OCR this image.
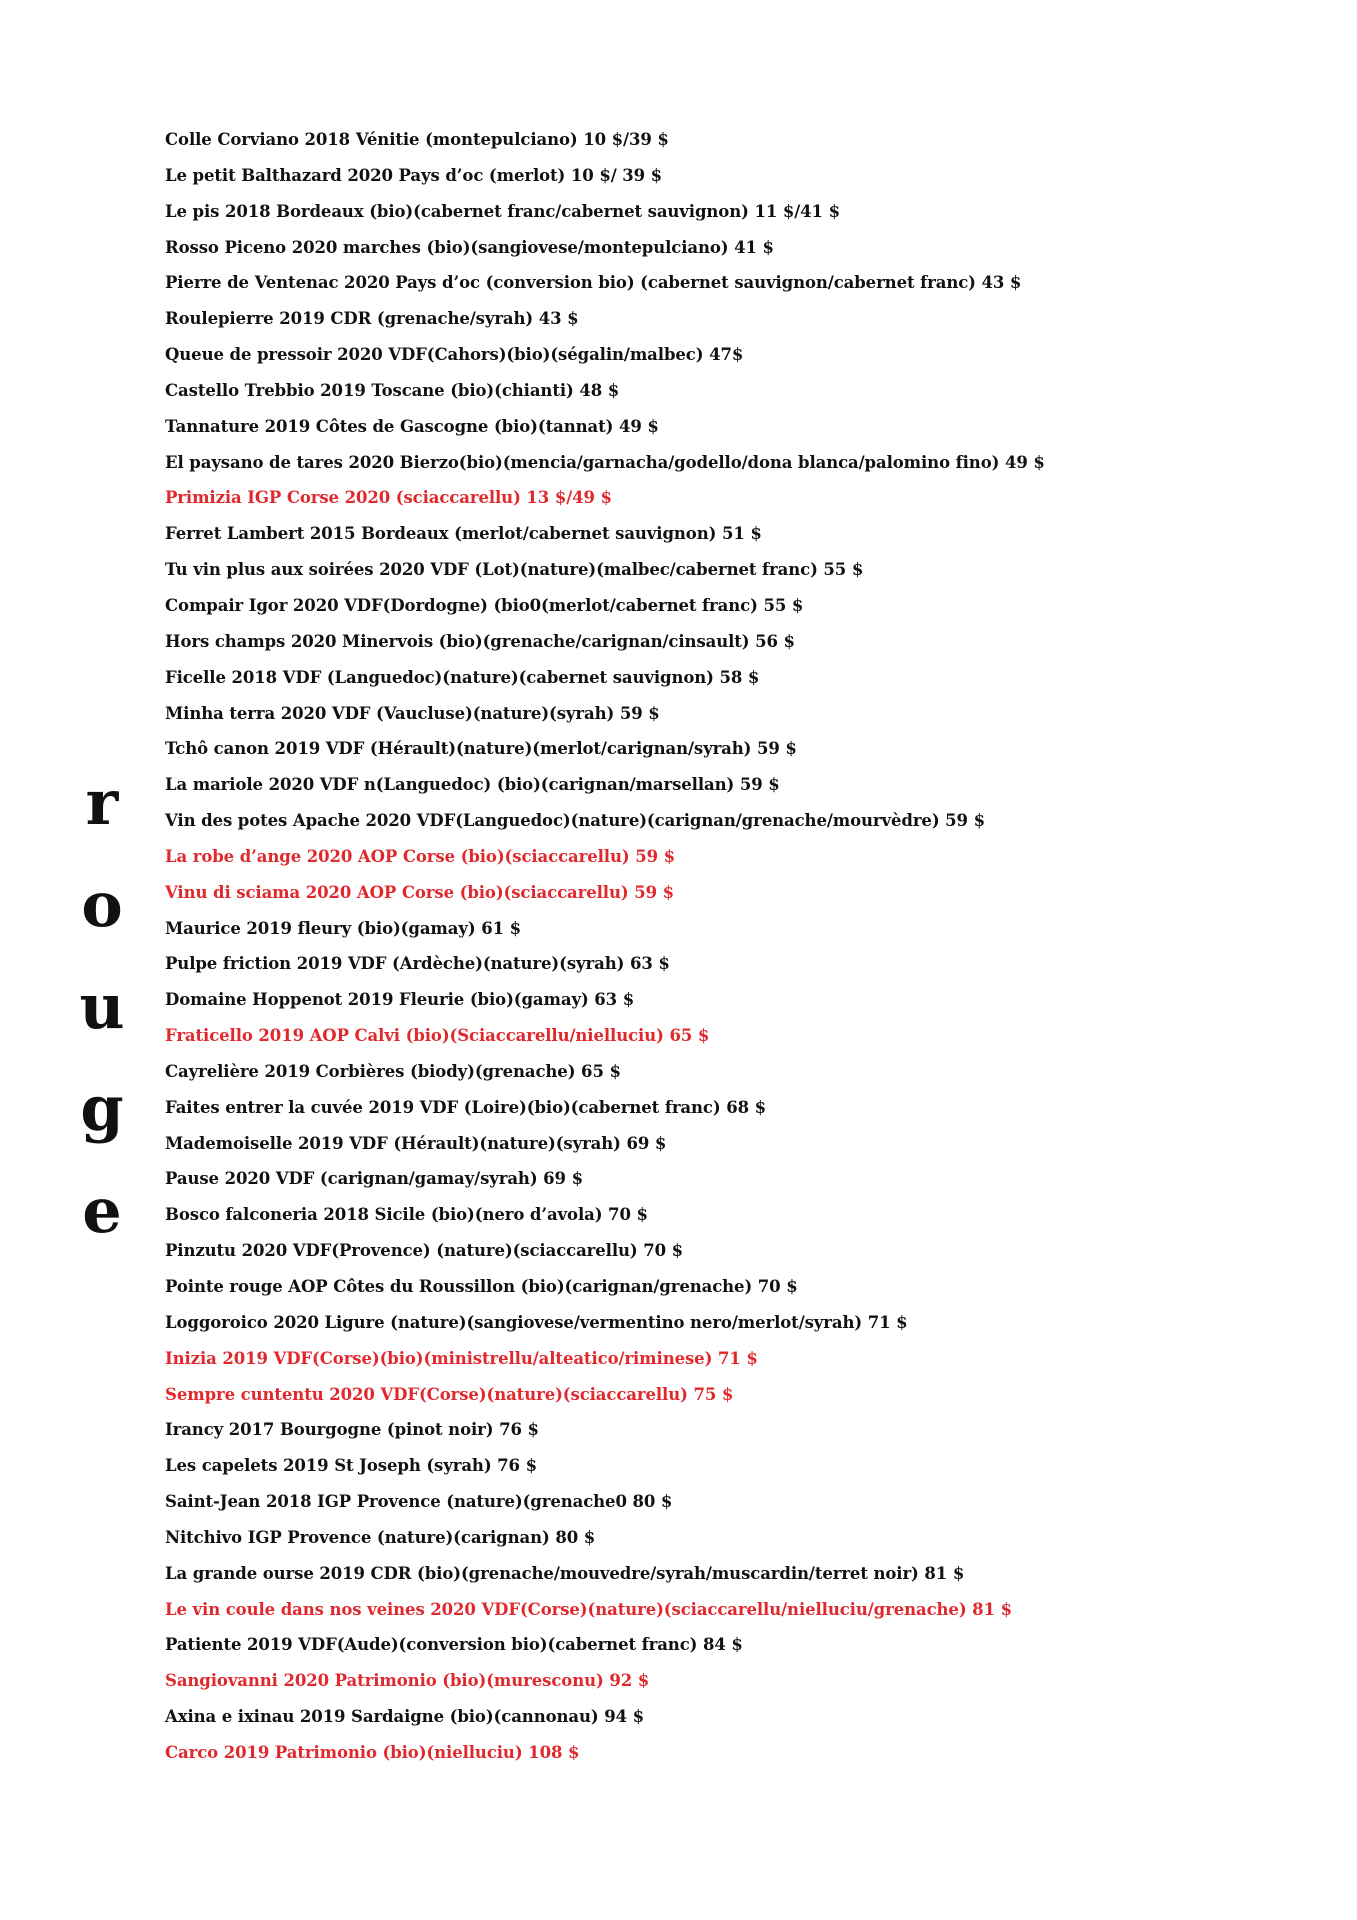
r
o
u
g
e
Colle Corviano 2018 Vénitie (montepulciano) 10 $/39 $
Le petit Balthazard 2020 Pays d’oc (merlot) 10 $/ 39 $
Le pis 2018 Bordeaux (bio)(cabernet franc/cabernet sauvignon) 11 $/41 $
Rosso Piceno 2020 marches (bio)(sangiovese/montepulciano) 41 $
Pierre de Ventenac 2020 Pays d’oc (conversion bio) (cabernet sauvignon/cabernet franc) 43 $
Roulepierre 2019 CDR (grenache/syrah) 43 $
Queue de pressoir 2020 VDF(Cahors)(bio)(ségalin/malbec) 47$
Castello Trebbio 2019 Toscane (bio)(chianti) 48 $
Tannature 2019 Côtes de Gascogne (bio)(tannat) 49 $
El paysano de tares 2020 Bierzo(bio)(mencia/garnacha/godello/dona blanca/palomino fino) 49 $
Primizia IGP Corse 2020 (sciaccarellu) 13 $/49 $
Ferret Lambert 2015 Bordeaux (merlot/cabernet sauvignon) 51 $
Tu vin plus aux soirées 2020 VDF (Lot)(nature)(malbec/cabernet franc) 55 $
Compair Igor 2020 VDF(Dordogne) (bio0(merlot/cabernet franc) 55 $
Hors champs 2020 Minervois (bio)(grenache/carignan/cinsault) 56 $
Ficelle 2018 VDF (Languedoc)(nature)(cabernet sauvignon) 58 $
Minha terra 2020 VDF (Vaucluse)(nature)(syrah) 59 $
Tchô canon 2019 VDF (Hérault)(nature)(merlot/carignan/syrah) 59 $
La mariole 2020 VDF n(Languedoc) (bio)(carignan/marsellan) 59 $
Vin des potes Apache 2020 VDF(Languedoc)(nature)(carignan/grenache/mourvèdre) 59 $
La robe d’ange 2020 AOP Corse (bio)(sciaccarellu) 59 $
Vinu di sciama 2020 AOP Corse (bio)(sciaccarellu) 59 $
Maurice 2019 fleury (bio)(gamay) 61 $
Pulpe friction 2019 VDF (Ardèche)(nature)(syrah) 63 $
Domaine Hoppenot 2019 Fleurie (bio)(gamay) 63 $
Fraticello 2019 AOP Calvi (bio)(Sciaccarellu/nielluciu) 65 $
Cayrelière 2019 Corbières (biody)(grenache) 65 $
Faites entrer la cuvée 2019 VDF (Loire)(bio)(cabernet franc) 68 $
Mademoiselle 2019 VDF (Hérault)(nature)(syrah) 69 $
Pause 2020 VDF (carignan/gamay/syrah) 69 $
Bosco falconeria 2018 Sicile (bio)(nero d’avola) 70 $
Pinzutu 2020 VDF(Provence) (nature)(sciaccarellu) 70 $
Pointe rouge AOP Côtes du Roussillon (bio)(carignan/grenache) 70 $
Loggoroico 2020 Ligure (nature)(sangiovese/vermentino nero/merlot/syrah) 71 $
Inizia 2019 VDF(Corse)(bio)(ministrellu/alteatico/riminese) 71 $
Sempre cuntentu 2020 VDF(Corse)(nature)(sciaccarellu) 75 $
Irancy 2017 Bourgogne (pinot noir) 76 $
Les capelets 2019 St Joseph (syrah) 76 $
Saint-Jean 2018 IGP Provence (nature)(grenache0 80 $
Nitchivo IGP Provence (nature)(carignan) 80 $
La grande ourse 2019 CDR (bio)(grenache/mouvedre/syrah/muscardin/terret noir) 81 $
Le vin coule dans nos veines 2020 VDF(Corse)(nature)(sciaccarellu/nielluciu/grenache) 81 $
Patiente 2019 VDF(Aude)(conversion bio)(cabernet franc) 84 $
Sangiovanni 2020 Patrimonio (bio)(muresconu) 92 $
Axina e ixinau 2019 Sardaigne (bio)(cannonau) 94 $
Carco 2019 Patrimonio (bio)(nielluciu) 108 $
